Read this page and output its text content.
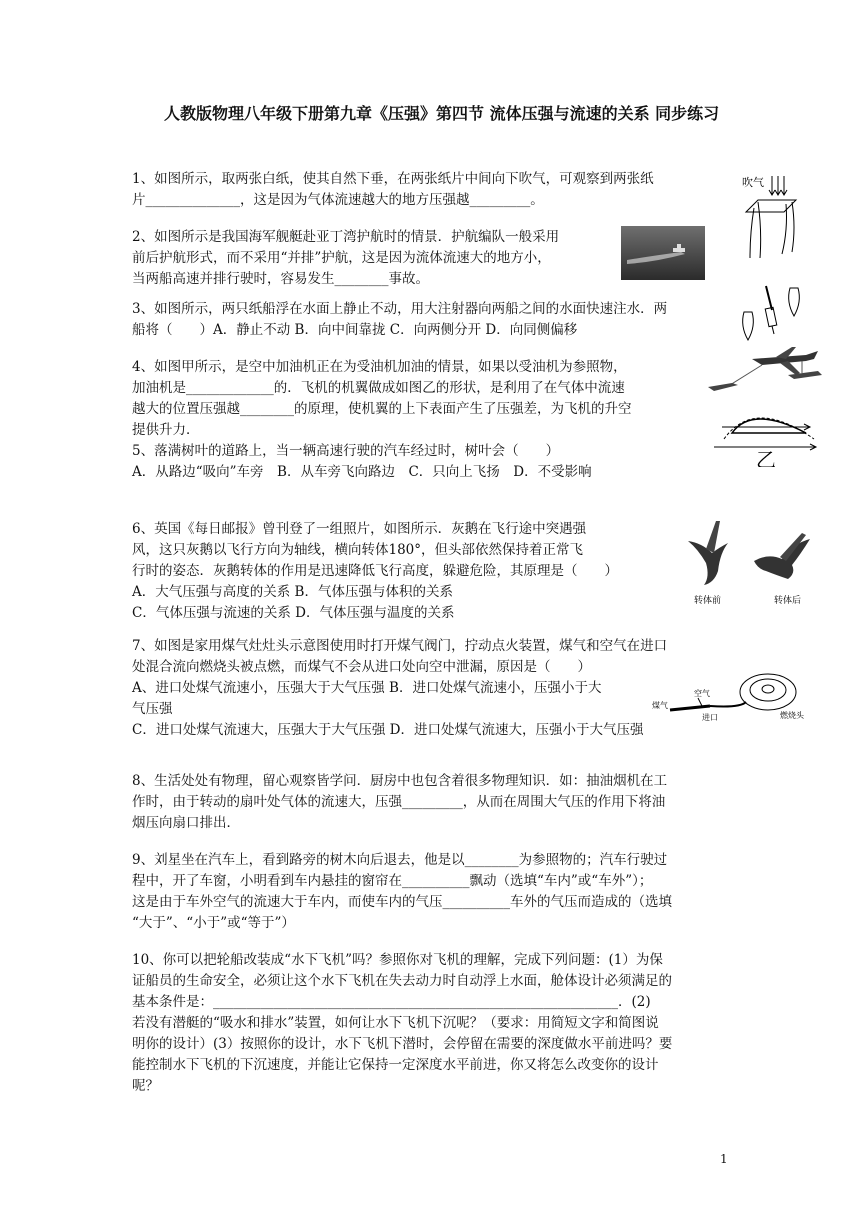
人教版物理八年级下册第九章《压强》第四节 流体压强与流速的关系 同步练习

1、如图所示，取两张白纸，使其自然下垂，在两张纸片中间向下吹气，可观察到两张纸

片______________，这是因为气体流速越大的地方压强越_________。

吹气

2、如图所示是我国海军舰艇赴亚丁湾护航时的情景．护航编队一般采用

前后护航形式，而不采用“并排”护航，这是因为流体流速大的地方小，

当两船高速并排行驶时，容易发生________事故。

3、如图所示，两只纸船浮在水面上静止不动，用大注射器向两船之间的水面快速注水．两

船将（　　）A．静止不动 B．向中间靠拢 C．向两侧分开 D．向同侧偏移

4、如图甲所示，是空中加油机正在为受油机加油的情景，如果以受油机为参照物，

加油机是_____________的．飞机的机翼做成如图乙的形状，是利用了在气体中流速

越大的位置压强越________的原理，使机翼的上下表面产生了压强差，为飞机的升空

提供升力．

乙

5、落满树叶的道路上，当一辆高速行驶的汽车经过时，树叶会（　　）

A．从路边“吸向”车旁　B．从车旁飞向路边　C．只向上飞扬　D．不受影响

6、英国《每日邮报》曾刊登了一组照片，如图所示．灰鹅在飞行途中突遇强

风，这只灰鹅以飞行方向为轴线，横向转体180°，但头部依然保持着正常飞

行时的姿态．灰鹅转体的作用是迅速降低飞行高度，躲避危险，其原理是（　　）

A．大气压强与高度的关系 B．气体压强与体积的关系

C．气体压强与流速的关系 D．气体压强与温度的关系

转体前	转体后

7、如图是家用煤气灶灶头示意图使用时打开煤气阀门，拧动点火装置，煤气和空气在进口

处混合流向燃烧头被点燃，而煤气不会从进口处向空中泄漏，原因是（　　）

A、进口处煤气流速小，压强大于大气压强 B．进口处煤气流速小，压强小于大

气压强

C．进口处煤气流速大，压强大于大气压强 D．进口处煤气流速大，压强小于大气压强

煤气
空气
进口	燃烧头

8、生活处处有物理，留心观察皆学问．厨房中也包含着很多物理知识．如：抽油烟机在工

作时，由于转动的扇叶处气体的流速大，压强_________，从而在周围大气压的作用下将油

烟压向扇口排出．

9、刘星坐在汽车上，看到路旁的树木向后退去，他是以________为参照物的；汽车行驶过

程中，开了车窗，小明看到车内悬挂的窗帘在__________飘动（选填“车内”或“车外”）；

这是由于车外空气的流速大于车内，而使车内的气压__________车外的气压而造成的（选填

“大于”、“小于”或“等于”）

10、你可以把轮船改装成“水下飞机”吗？参照你对飞机的理解，完成下列问题：(1）为保

证船员的生命安全，必须让这个水下飞机在失去动力时自动浮上水面，舱体设计必须满足的

基本条件是：____________________________________________________________．(2)

若没有潜艇的“吸水和排水”装置，如何让水下飞机下沉呢？（要求：用简短文字和简图说

明你的设计）(3）按照你的设计，水下飞机下潜时，会停留在需要的深度做水平前进吗？要

能控制水下飞机的下沉速度，并能让它保持一定深度水平前进，你又将怎么改变你的设计

呢？

1
